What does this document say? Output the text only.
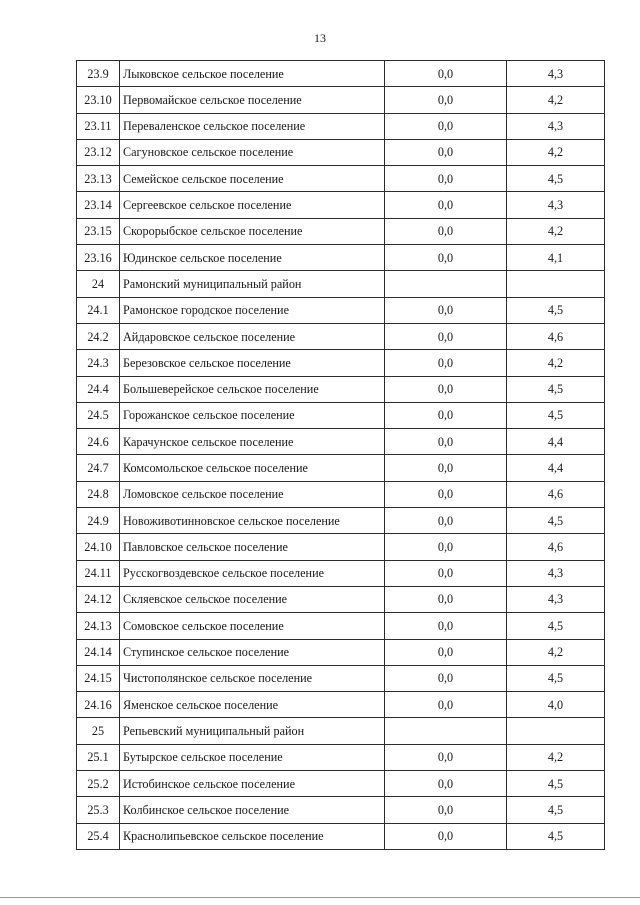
13
23.9	Лыковское сельское поселение	0,0	4,3
23.10	Первомайское сельское поселение	0,0	4,2
23.11	Перевaленское сельское поселение	0,0	4,3
23.12	Сагуновское сельское поселение	0,0	4,2
23.13	Семейское сельское поселение	0,0	4,5
23.14	Сергеевское сельское поселение	0,0	4,3
23.15	Скорорыбское сельское поселение	0,0	4,2
23.16	Юдинское сельское поселение	0,0	4,1
24	Рамонский муниципальный район		
24.1	Рамонское городское поселение	0,0	4,5
24.2	Айдаровское сельское поселение	0,0	4,6
24.3	Березовское сельское поселение	0,0	4,2
24.4	Большеверейское сельское поселение	0,0	4,5
24.5	Горожанское сельское поселение	0,0	4,5
24.6	Карачунское сельское поселение	0,0	4,4
24.7	Комсомольское сельское поселение	0,0	4,4
24.8	Ломовское сельское поселение	0,0	4,6
24.9	Новоживотинновское сельское поселение	0,0	4,5
24.10	Павловское сельское поселение	0,0	4,6
24.11	Русскогвоздевское сельское поселение	0,0	4,3
24.12	Скляевское сельское поселение	0,0	4,3
24.13	Сомовское сельское поселение	0,0	4,5
24.14	Ступинское сельское поселение	0,0	4,2
24.15	Чистополянское сельское поселение	0,0	4,5
24.16	Яменское сельское поселение	0,0	4,0
25	Репьевский муниципальный район		
25.1	Бутырское сельское поселение	0,0	4,2
25.2	Истобинское сельское поселение	0,0	4,5
25.3	Колбинское сельское поселение	0,0	4,5
25.4	Краснолипьевское сельское поселение	0,0	4,5
